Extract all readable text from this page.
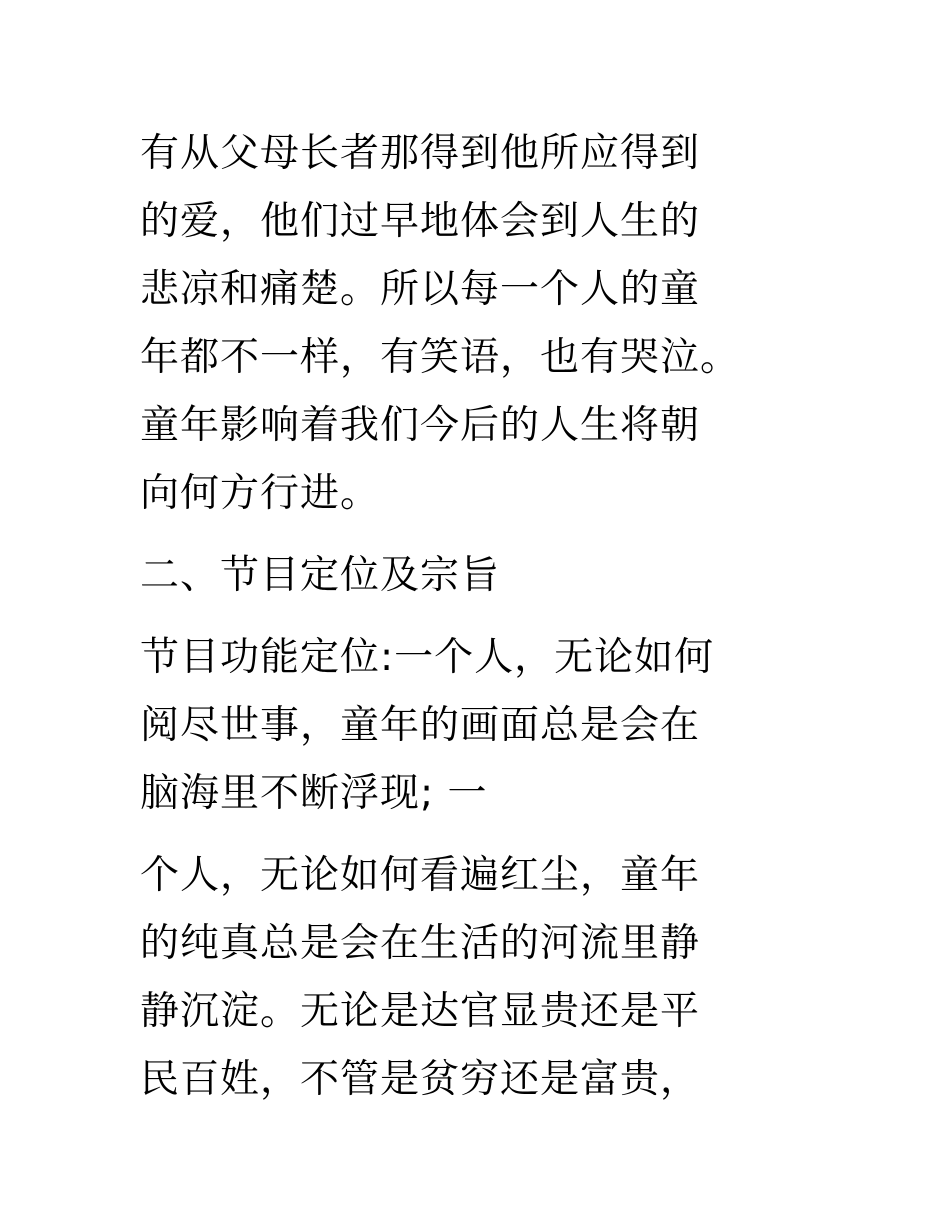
有从父母长者那得到他所应得到
的爱，他们过早地体会到人生的
悲凉和痛楚。所以每一个人的童
年都不一样，有笑语，也有哭泣。
童年影响着我们今后的人生将朝
向何方行进。
二、节目定位及宗旨
节目功能定位:一个人，无论如何
阅尽世事，童年的画面总是会在
脑海里不断浮现; 一
个人，无论如何看遍红尘，童年
的纯真总是会在生活的河流里静
静沉淀。无论是达官显贵还是平
民百姓，不管是贫穷还是富贵，
